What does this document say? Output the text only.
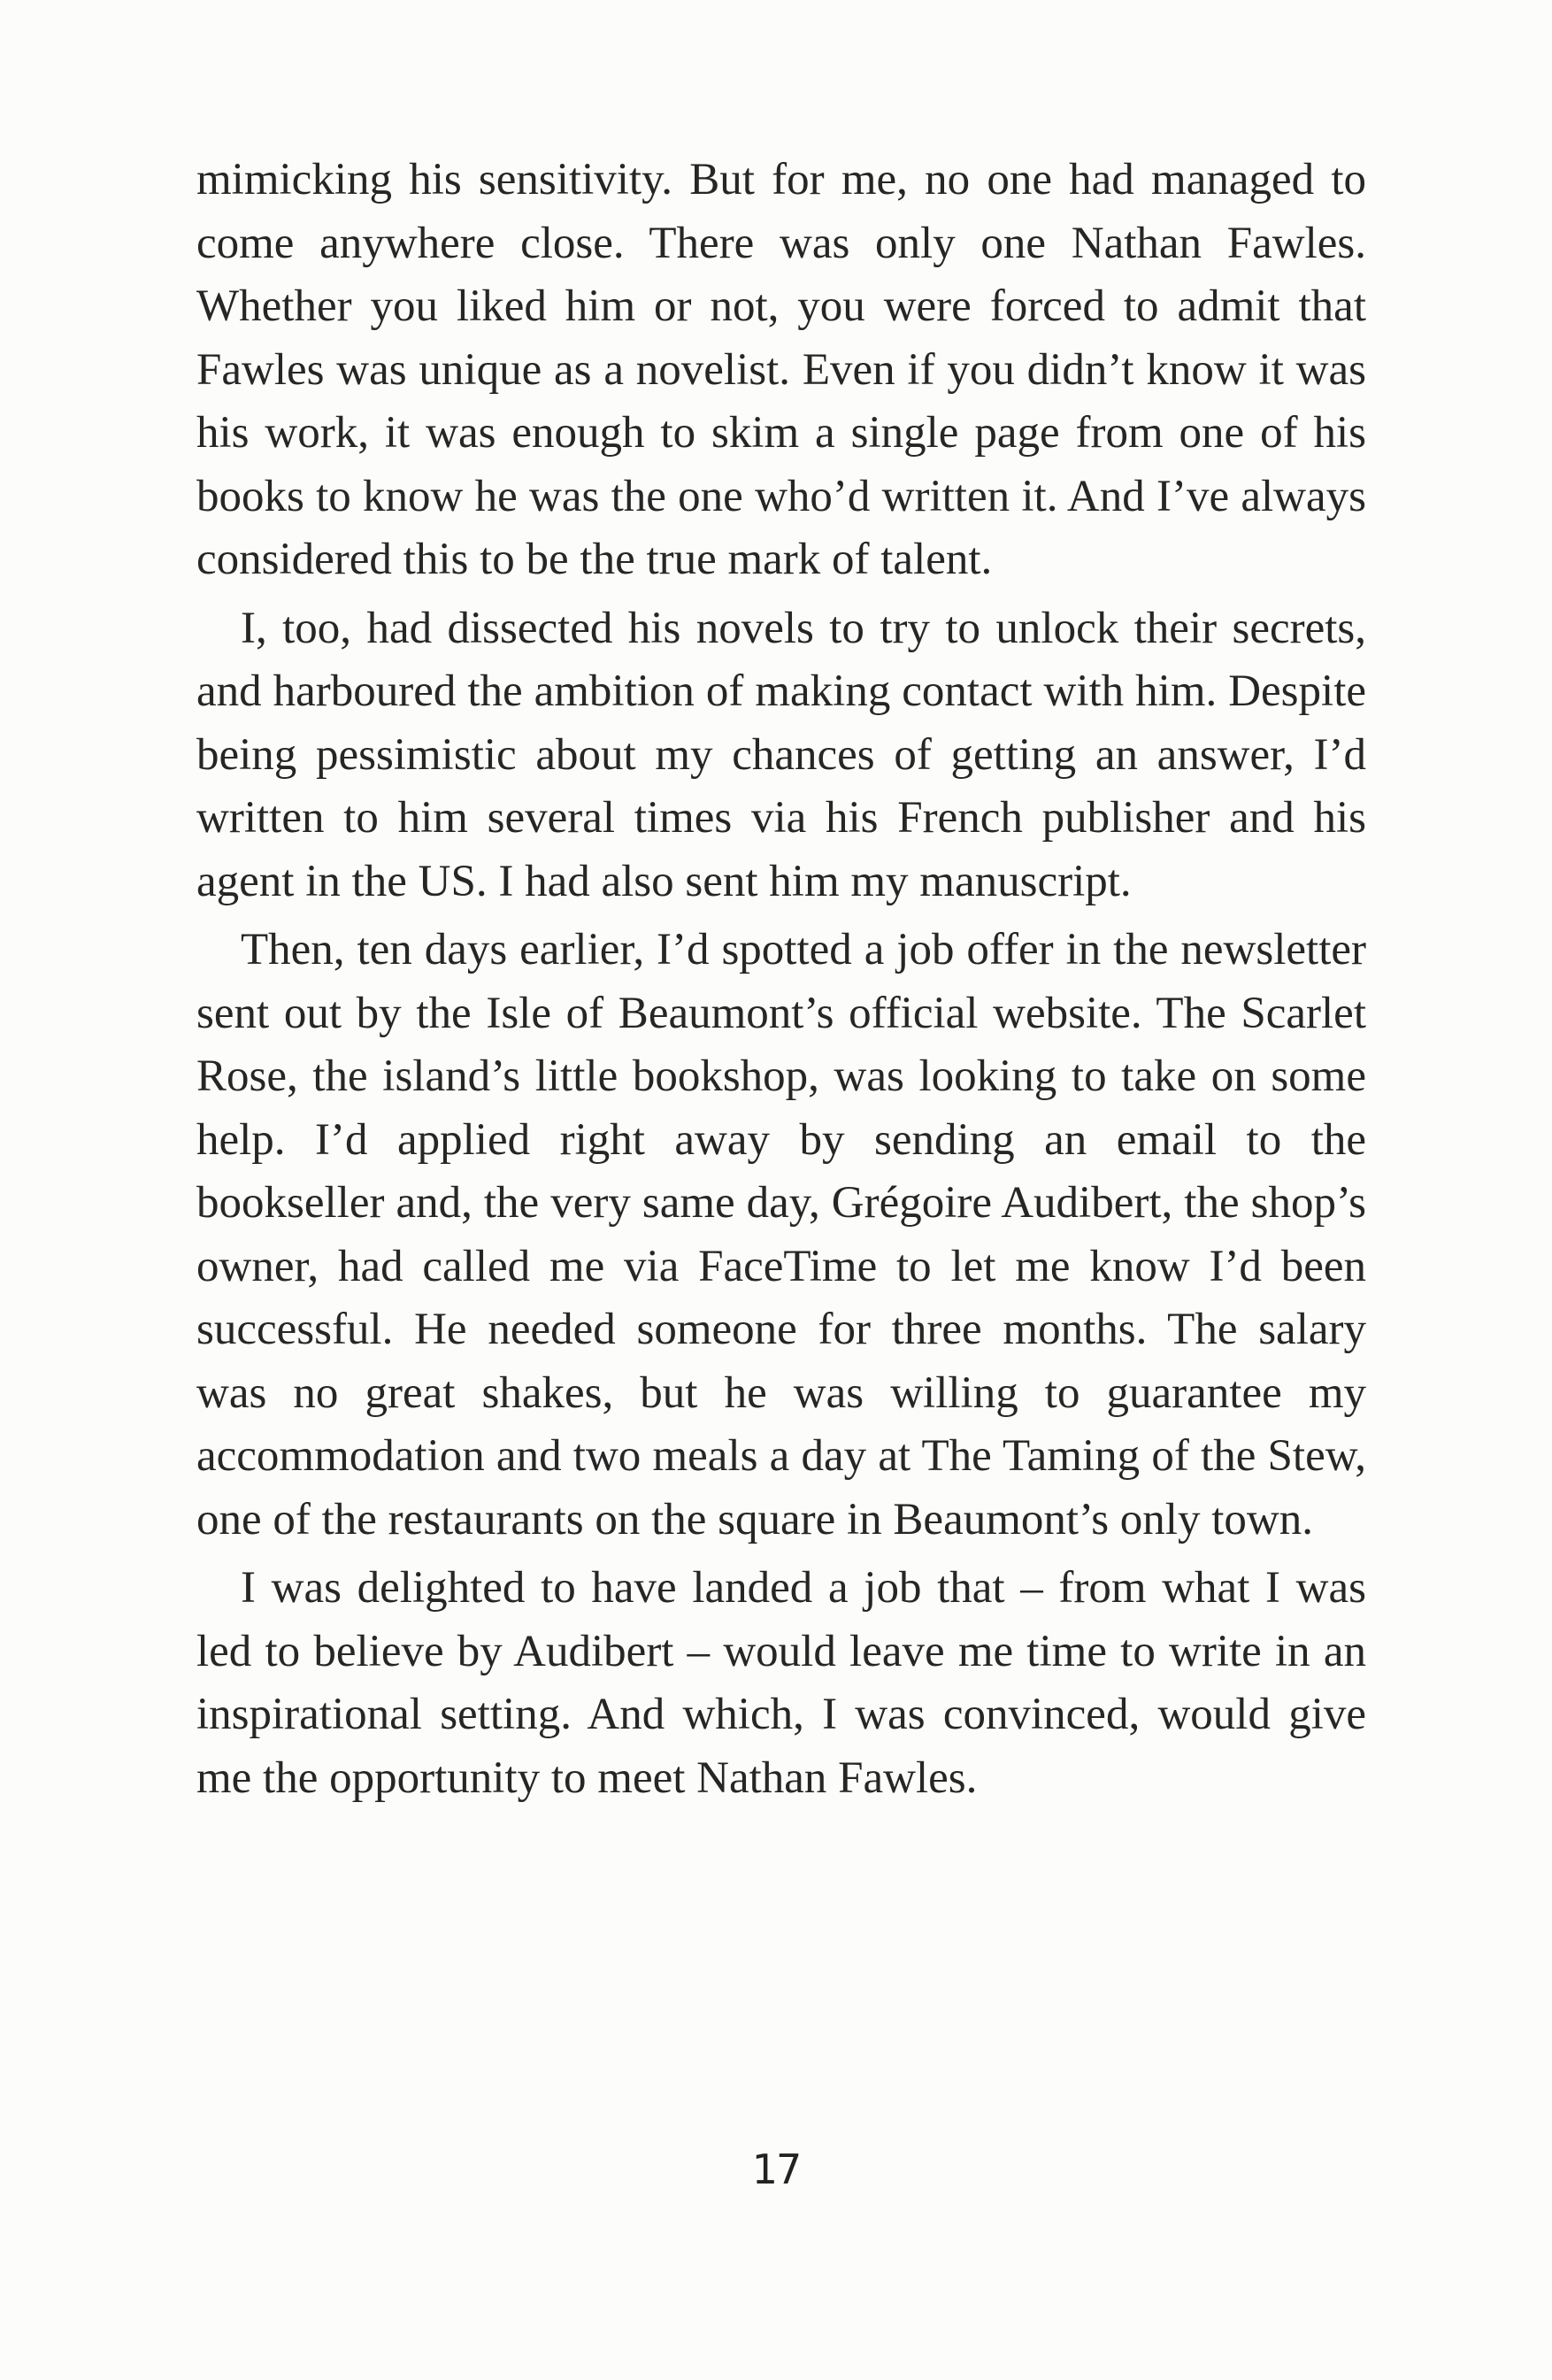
mimicking his sensitivity. But for me, no one had managed to come anywhere close. There was only one Nathan Fawles. Whether you liked him or not, you were forced to admit that Fawles was unique as a novelist. Even if you didn’t know it was his work, it was enough to skim a single page from one of his books to know he was the one who’d written it. And I’ve always considered this to be the true mark of talent.

I, too, had dissected his novels to try to unlock their secrets, and harboured the ambition of making contact with him. Despite being pessimistic about my chances of getting an answer, I’d written to him several times via his French publisher and his agent in the US. I had also sent him my manuscript.

Then, ten days earlier, I’d spotted a job offer in the newsletter sent out by the Isle of Beaumont’s official website. The Scarlet Rose, the island’s little bookshop, was looking to take on some help. I’d applied right away by sending an email to the bookseller and, the very same day, Grégoire Audibert, the shop’s owner, had called me via FaceTime to let me know I’d been successful. He needed someone for three months. The salary was no great shakes, but he was willing to guarantee my accommodation and two meals a day at The Taming of the Stew, one of the restaurants on the square in Beaumont’s only town.

I was delighted to have landed a job that – from what I was led to believe by Audibert – would leave me time to write in an inspirational setting. And which, I was convinced, would give me the opportunity to meet Nathan Fawles.

17
